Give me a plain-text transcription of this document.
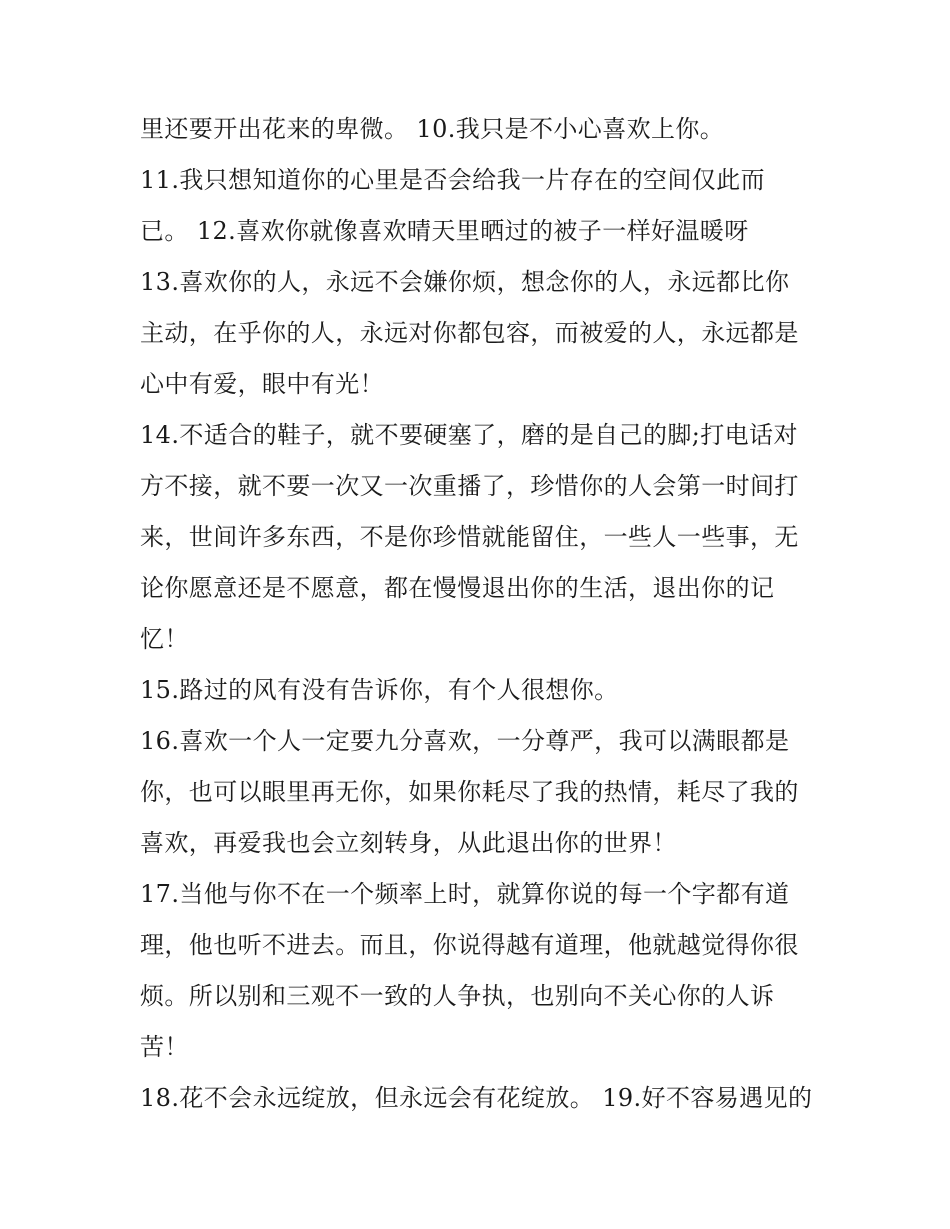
里还要开出花来的卑微。 10.我只是不小心喜欢上你。
11.我只想知道你的心里是否会给我一片存在的空间仅此而
已。 12.喜欢你就像喜欢晴天里晒过的被子一样好温暖呀
13.喜欢你的人，永远不会嫌你烦，想念你的人，永远都比你
主动，在乎你的人，永远对你都包容，而被爱的人，永远都是
心中有爱，眼中有光！
14.不适合的鞋子，就不要硬塞了，磨的是自己的脚;打电话对
方不接，就不要一次又一次重播了，珍惜你的人会第一时间打
来，世间许多东西，不是你珍惜就能留住，一些人一些事，无
论你愿意还是不愿意，都在慢慢退出你的生活，退出你的记
忆！
15.路过的风有没有告诉你，有个人很想你。
16.喜欢一个人一定要九分喜欢，一分尊严，我可以满眼都是
你，也可以眼里再无你，如果你耗尽了我的热情，耗尽了我的
喜欢，再爱我也会立刻转身，从此退出你的世界！
17.当他与你不在一个频率上时，就算你说的每一个字都有道
理，他也听不进去。而且，你说得越有道理，他就越觉得你很
烦。所以别和三观不一致的人争执，也别向不关心你的人诉
苦！
18.花不会永远绽放，但永远会有花绽放。 19.好不容易遇见的
